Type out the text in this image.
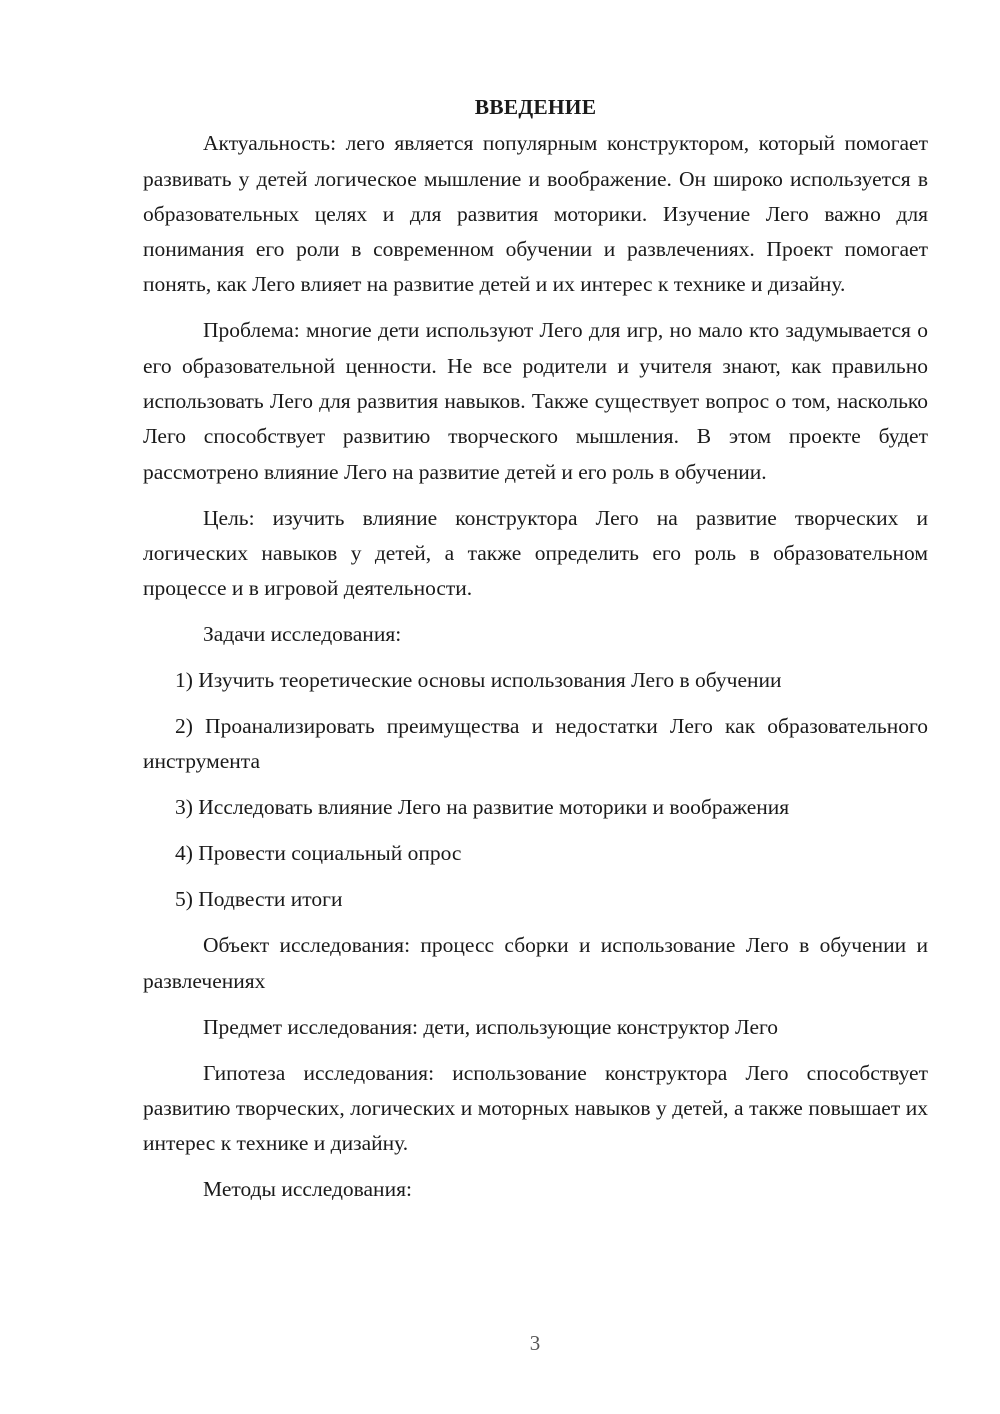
ВВЕДЕНИЕ
Актуальность: лего является популярным конструктором, который помогает развивать у детей логическое мышление и воображение. Он широко используется в образовательных целях и для развития моторики. Изучение Лего важно для понимания его роли в современном обучении и развлечениях. Проект помогает понять, как Лего влияет на развитие детей и их интерес к технике и дизайну.
Проблема: многие дети используют Лего для игр, но мало кто задумывается о его образовательной ценности. Не все родители и учителя знают, как правильно использовать Лего для развития навыков. Также существует вопрос о том, насколько Лего способствует развитию творческого мышления. В этом проекте будет рассмотрено влияние Лего на развитие детей и его роль в обучении.
Цель: изучить влияние конструктора Лего на развитие творческих и логических навыков у детей, а также определить его роль в образовательном процессе и в игровой деятельности.
Задачи исследования:
1) Изучить теоретические основы использования Лего в обучении
2) Проанализировать преимущества и недостатки Лего как образовательного инструмента
3) Исследовать влияние Лего на развитие моторики и воображения
4) Провести социальный опрос
5) Подвести итоги
Объект исследования: процесс сборки и использование Лего в обучении и развлечениях
Предмет исследования: дети, использующие конструктор Лего
Гипотеза исследования: использование конструктора Лего способствует развитию творческих, логических и моторных навыков у детей, а также повышает их интерес к технике и дизайну.
Методы исследования:
3
